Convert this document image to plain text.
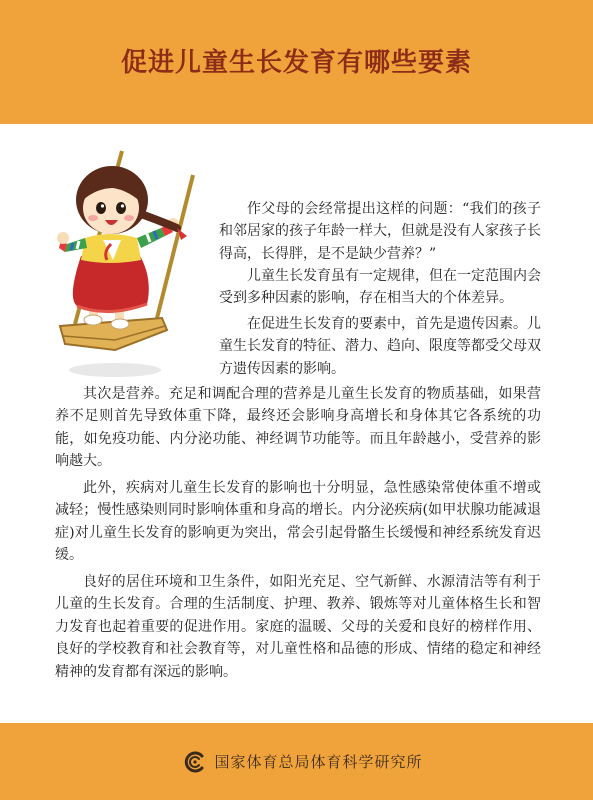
促进儿童生长发育有哪些要素

作父母的会经常提出这样的问题：“我们的孩子和邻居家的孩子年龄一样大，但就是没有人家孩子长得高，长得胖，是不是缺少营养？”

儿童生长发育虽有一定规律，但在一定范围内会受到多种因素的影响，存在相当大的个体差异。

在促进生长发育的要素中，首先是遗传因素。儿童生长发育的特征、潜力、趋向、限度等都受父母双方遗传因素的影响。

其次是营养。充足和调配合理的营养是儿童生长发育的物质基础，如果营养不足则首先导致体重下降，最终还会影响身高增长和身体其它各系统的功能，如免疫功能、内分泌功能、神经调节功能等。而且年龄越小，受营养的影响越大。

此外，疾病对儿童生长发育的影响也十分明显，急性感染常使体重不增或减轻；慢性感染则同时影响体重和身高的增长。内分泌疾病(如甲状腺功能减退症)对儿童生长发育的影响更为突出，常会引起骨骼生长缓慢和神经系统发育迟缓。

良好的居住环境和卫生条件，如阳光充足、空气新鲜、水源清洁等有利于儿童的生长发育。合理的生活制度、护理、教养、锻炼等对儿童体格生长和智力发育也起着重要的促进作用。家庭的温暖、父母的关爱和良好的榜样作用、良好的学校教育和社会教育等，对儿童性格和品德的形成、情绪的稳定和神经精神的发育都有深远的影响。

国家体育总局体育科学研究所
